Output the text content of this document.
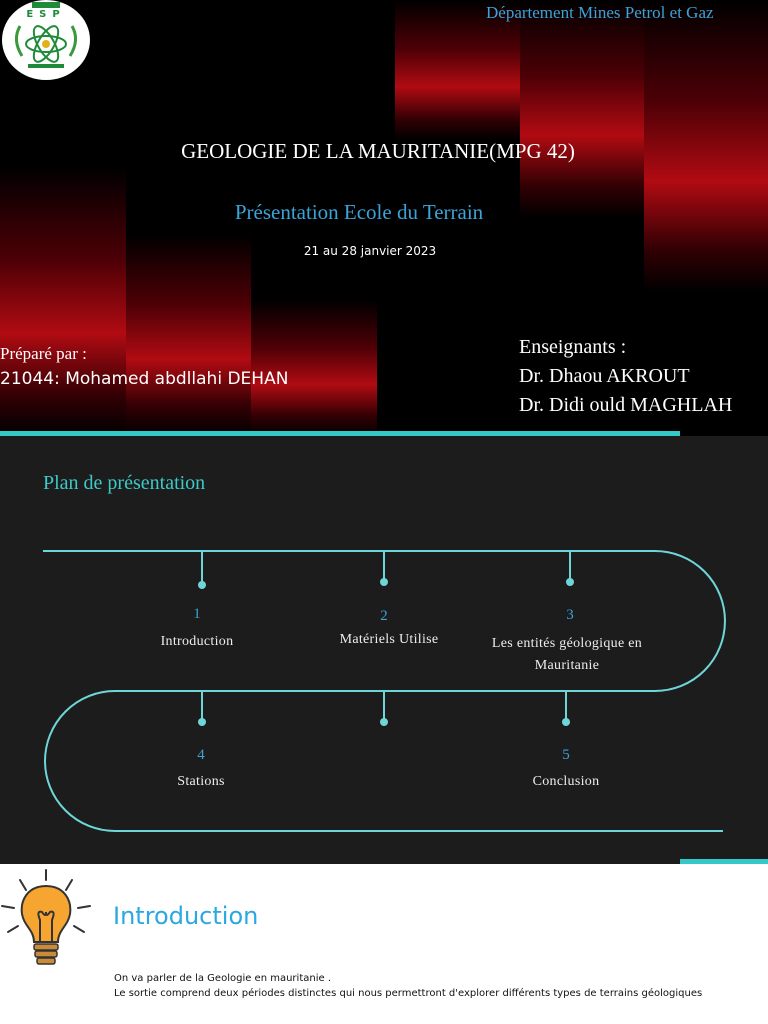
ESP	Département Mines Petrol et Gaz
GEOLOGIE DE LA MAURITANIE(MPG 42)
Présentation Ecole du Terrain
21 au 28 janvier 2023
Préparé par :
21044: Mohamed abdllahi DEHAN
Enseignants :
Dr. Dhaou AKROUT
Dr. Didi ould MAGHLAH
Plan de présentation
1
Introduction
2
Matériels Utilise
3
Les entités géologique en
Mauritanie
4
Stations
5
Conclusion
Introduction
On va parler de la Geologie en mauritanie .
Le sortie comprend deux périodes distinctes qui nous permettront d'explorer différents types de terrains géologiques
